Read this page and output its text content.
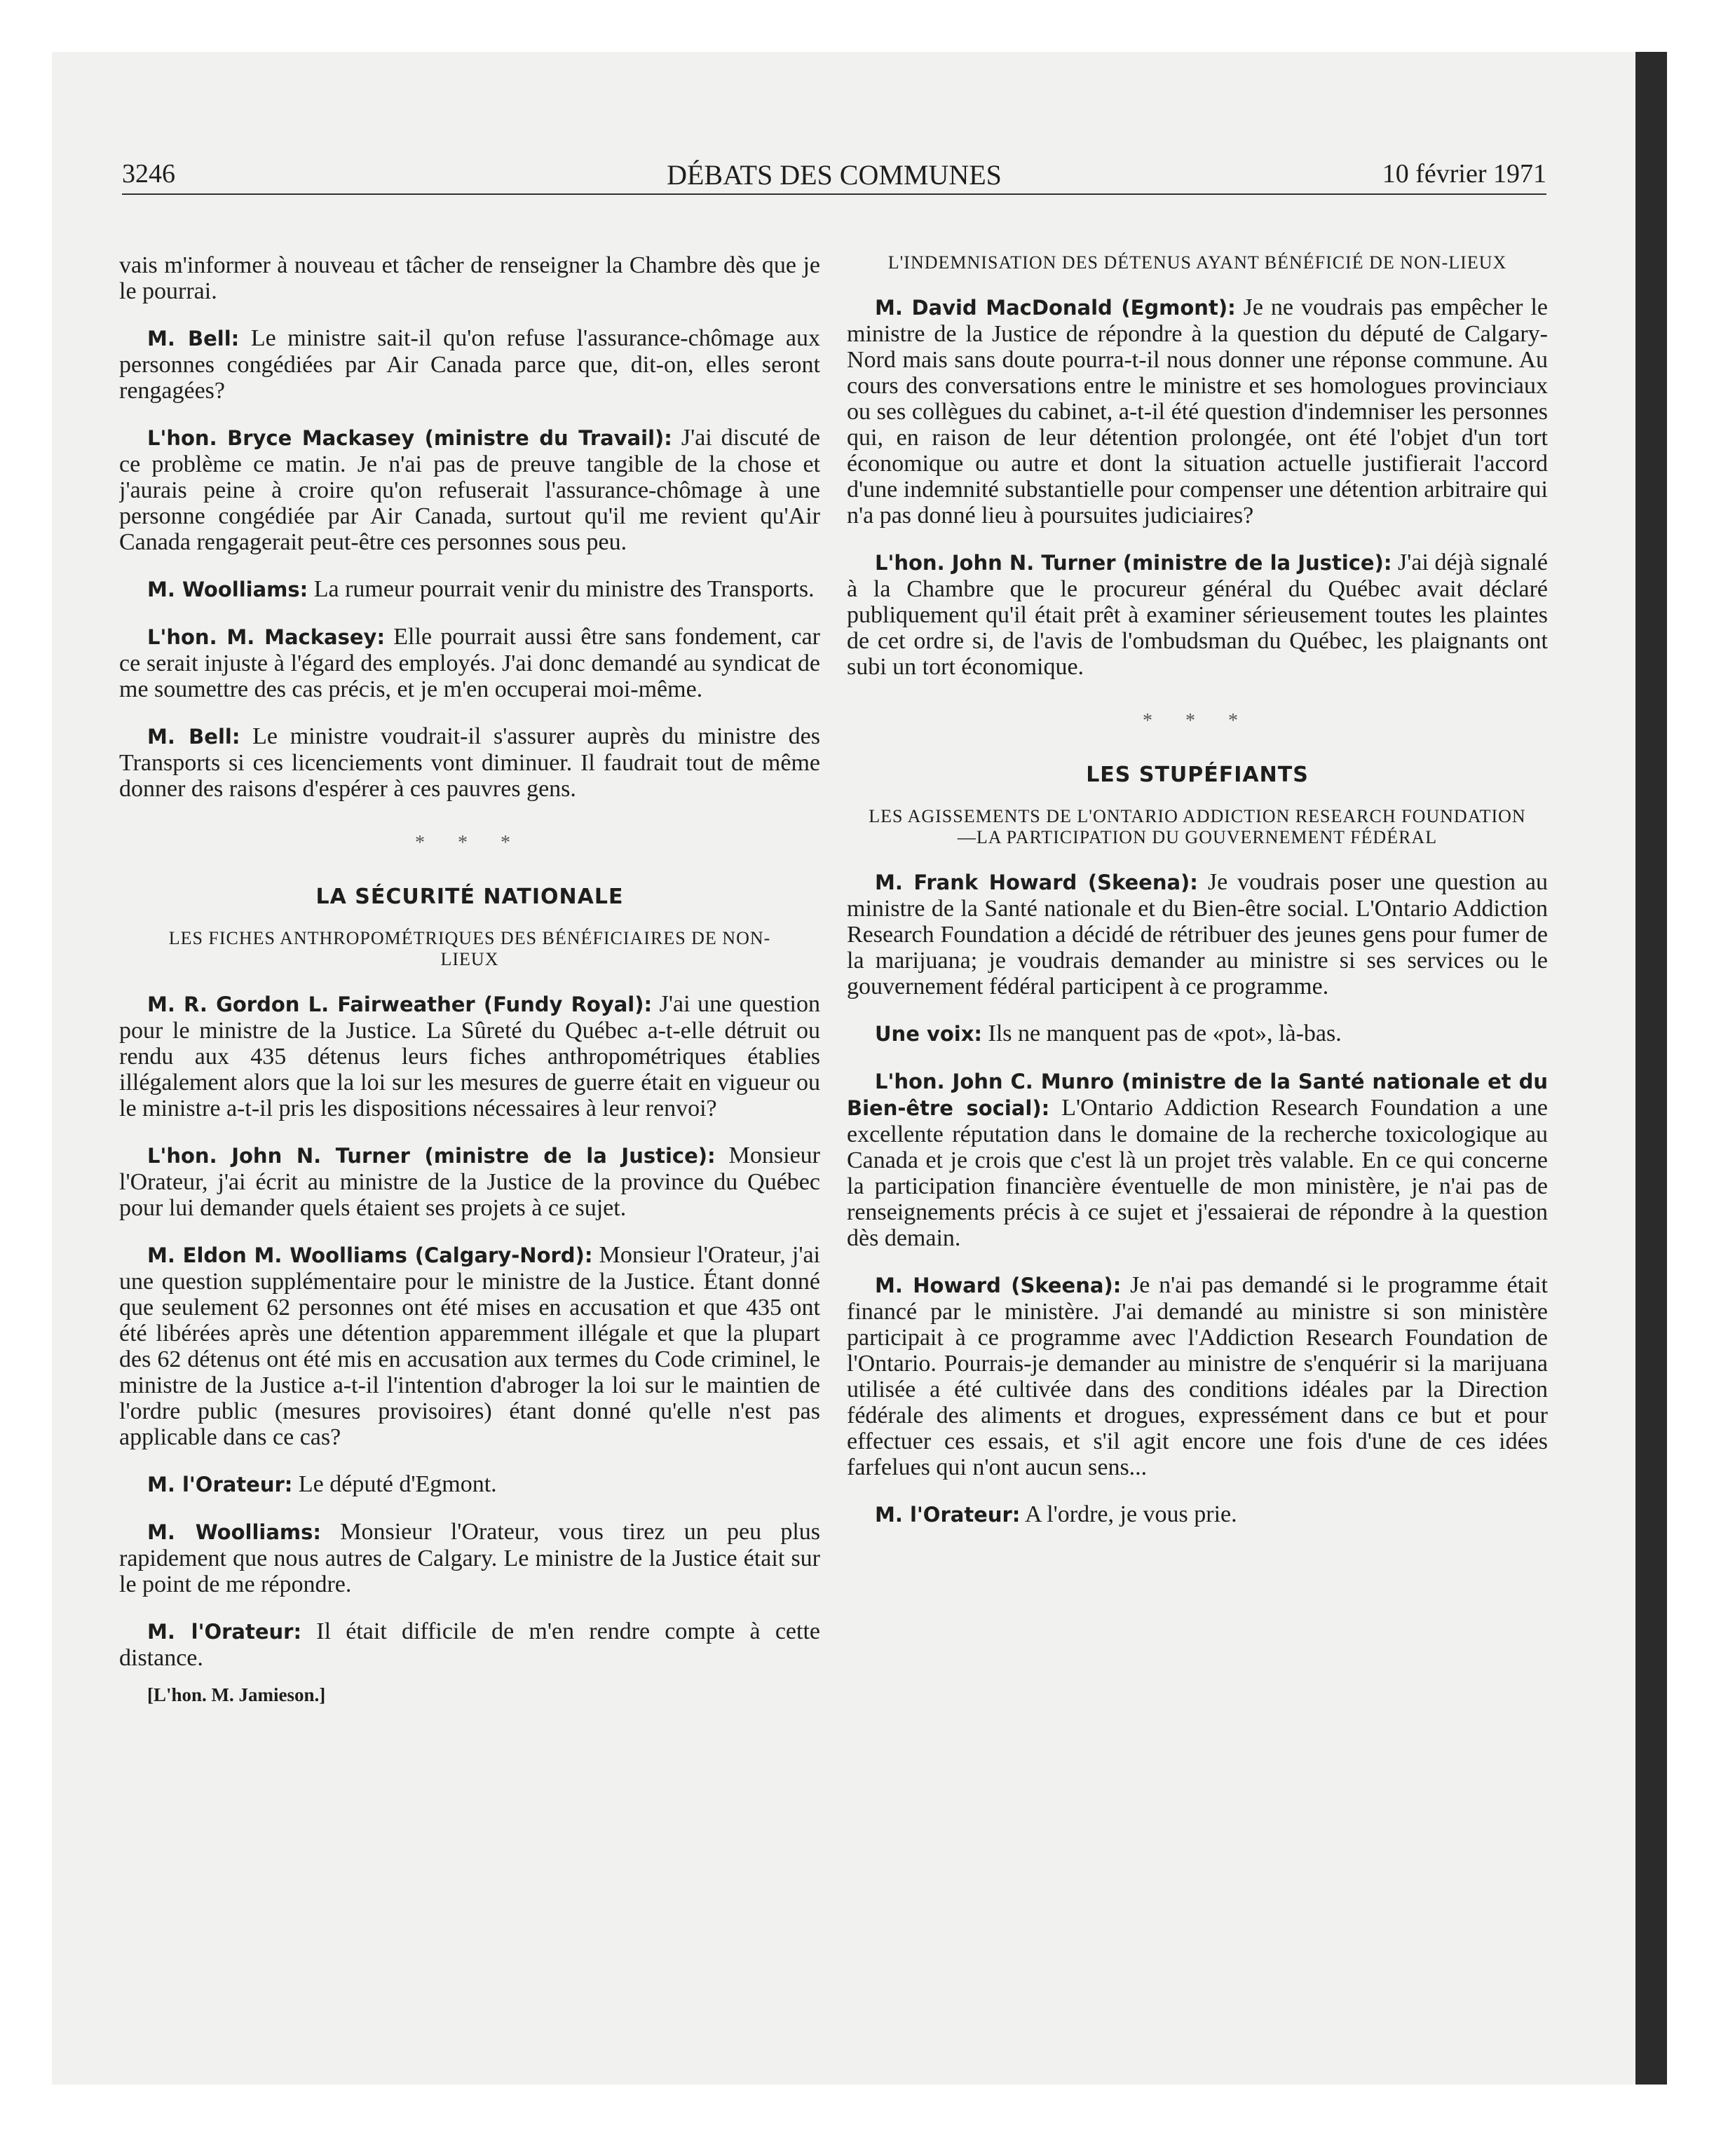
3246	DÉBATS DES COMMUNES	10 février 1971

vais m'informer à nouveau et tâcher de renseigner la Chambre dès que je le pourrai.

M. Bell: Le ministre sait-il qu'on refuse l'assurance-chômage aux personnes congédiées par Air Canada parce que, dit-on, elles seront rengagées?

L'hon. Bryce Mackasey (ministre du Travail): J'ai discuté de ce problème ce matin. Je n'ai pas de preuve tangible de la chose et j'aurais peine à croire qu'on refuserait l'assurance-chômage à une personne congédiée par Air Canada, surtout qu'il me revient qu'Air Canada rengagerait peut-être ces personnes sous peu.

M. Woolliams: La rumeur pourrait venir du ministre des Transports.

L'hon. M. Mackasey: Elle pourrait aussi être sans fondement, car ce serait injuste à l'égard des employés. J'ai donc demandé au syndicat de me soumettre des cas précis, et je m'en occuperai moi-même.

M. Bell: Le ministre voudrait-il s'assurer auprès du ministre des Transports si ces licenciements vont diminuer. Il faudrait tout de même donner des raisons d'espérer à ces pauvres gens.

* * *
LA SÉCURITÉ NATIONALE
LES FICHES ANTHROPOMÉTRIQUES DES BÉNÉFICIAIRES DE NON-LIEUX

M. R. Gordon L. Fairweather (Fundy Royal): J'ai une question pour le ministre de la Justice. La Sûreté du Québec a-t-elle détruit ou rendu aux 435 détenus leurs fiches anthropométriques établies illégalement alors que la loi sur les mesures de guerre était en vigueur ou le ministre a-t-il pris les dispositions nécessaires à leur renvoi?

L'hon. John N. Turner (ministre de la Justice): Monsieur l'Orateur, j'ai écrit au ministre de la Justice de la province du Québec pour lui demander quels étaient ses projets à ce sujet.

M. Eldon M. Woolliams (Calgary-Nord): Monsieur l'Orateur, j'ai une question supplémentaire pour le ministre de la Justice. Étant donné que seulement 62 personnes ont été mises en accusation et que 435 ont été libérées après une détention apparemment illégale et que la plupart des 62 détenus ont été mis en accusation aux termes du Code criminel, le ministre de la Justice a-t-il l'intention d'abroger la loi sur le maintien de l'ordre public (mesures provisoires) étant donné qu'elle n'est pas applicable dans ce cas?

M. l'Orateur: Le député d'Egmont.

M. Woolliams: Monsieur l'Orateur, vous tirez un peu plus rapidement que nous autres de Calgary. Le ministre de la Justice était sur le point de me répondre.

M. l'Orateur: Il était difficile de m'en rendre compte à cette distance.

[L'hon. M. Jamieson.]
L'INDEMNISATION DES DÉTENUS AYANT BÉNÉFICIÉ DE NON-LIEUX

M. David MacDonald (Egmont): Je ne voudrais pas empêcher le ministre de la Justice de répondre à la question du député de Calgary-Nord mais sans doute pourra-t-il nous donner une réponse commune. Au cours des conversations entre le ministre et ses homologues provinciaux ou ses collègues du cabinet, a-t-il été question d'indemniser les personnes qui, en raison de leur détention prolongée, ont été l'objet d'un tort économique ou autre et dont la situation actuelle justifierait l'accord d'une indemnité substantielle pour compenser une détention arbitraire qui n'a pas donné lieu à poursuites judiciaires?

L'hon. John N. Turner (ministre de la Justice): J'ai déjà signalé à la Chambre que le procureur général du Québec avait déclaré publiquement qu'il était prêt à examiner sérieusement toutes les plaintes de cet ordre si, de l'avis de l'ombudsman du Québec, les plaignants ont subi un tort économique.

* * *
LES STUPÉFIANTS
LES AGISSEMENTS DE L'ONTARIO ADDICTION RESEARCH FOUNDATION—LA PARTICIPATION DU GOUVERNEMENT FÉDÉRAL

M. Frank Howard (Skeena): Je voudrais poser une question au ministre de la Santé nationale et du Bien-être social. L'Ontario Addiction Research Foundation a décidé de rétribuer des jeunes gens pour fumer de la marijuana; je voudrais demander au ministre si ses services ou le gouvernement fédéral participent à ce programme.

Une voix: Ils ne manquent pas de «pot», là-bas.

L'hon. John C. Munro (ministre de la Santé nationale et du Bien-être social): L'Ontario Addiction Research Foundation a une excellente réputation dans le domaine de la recherche toxicologique au Canada et je crois que c'est là un projet très valable. En ce qui concerne la participation financière éventuelle de mon ministère, je n'ai pas de renseignements précis à ce sujet et j'essaierai de répondre à la question dès demain.

M. Howard (Skeena): Je n'ai pas demandé si le programme était financé par le ministère. J'ai demandé au ministre si son ministère participait à ce programme avec l'Addiction Research Foundation de l'Ontario. Pourrais-je demander au ministre de s'enquérir si la marijuana utilisée a été cultivée dans des conditions idéales par la Direction fédérale des aliments et drogues, expressément dans ce but et pour effectuer ces essais, et s'il agit encore une fois d'une de ces idées farfelues qui n'ont aucun sens...

M. l'Orateur: A l'ordre, je vous prie.
